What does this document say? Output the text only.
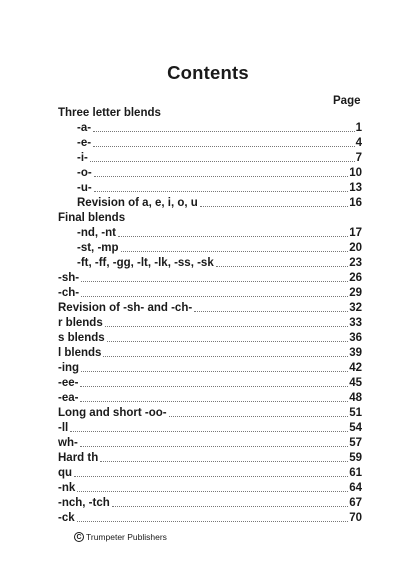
Contents
Page
Three letter blends
-a-	1
-e-	4
-i-	7
-o-	10
-u-	13
Revision of a, e, i, o, u	16
Final blends
-nd, -nt	17
-st, -mp	20
-ft, -ff, -gg, -lt, -lk, -ss, -sk	23
-sh-	26
-ch-	29
Revision of -sh- and -ch-	32
r blends	33
s blends	36
l blends	39
-ing	42
-ee-	45
-ea-	48
Long and short -oo-	51
-ll	54
wh-	57
Hard th	59
qu	61
-nk	64
-nch, -tch	67
-ck	70
C Trumpeter Publishers
